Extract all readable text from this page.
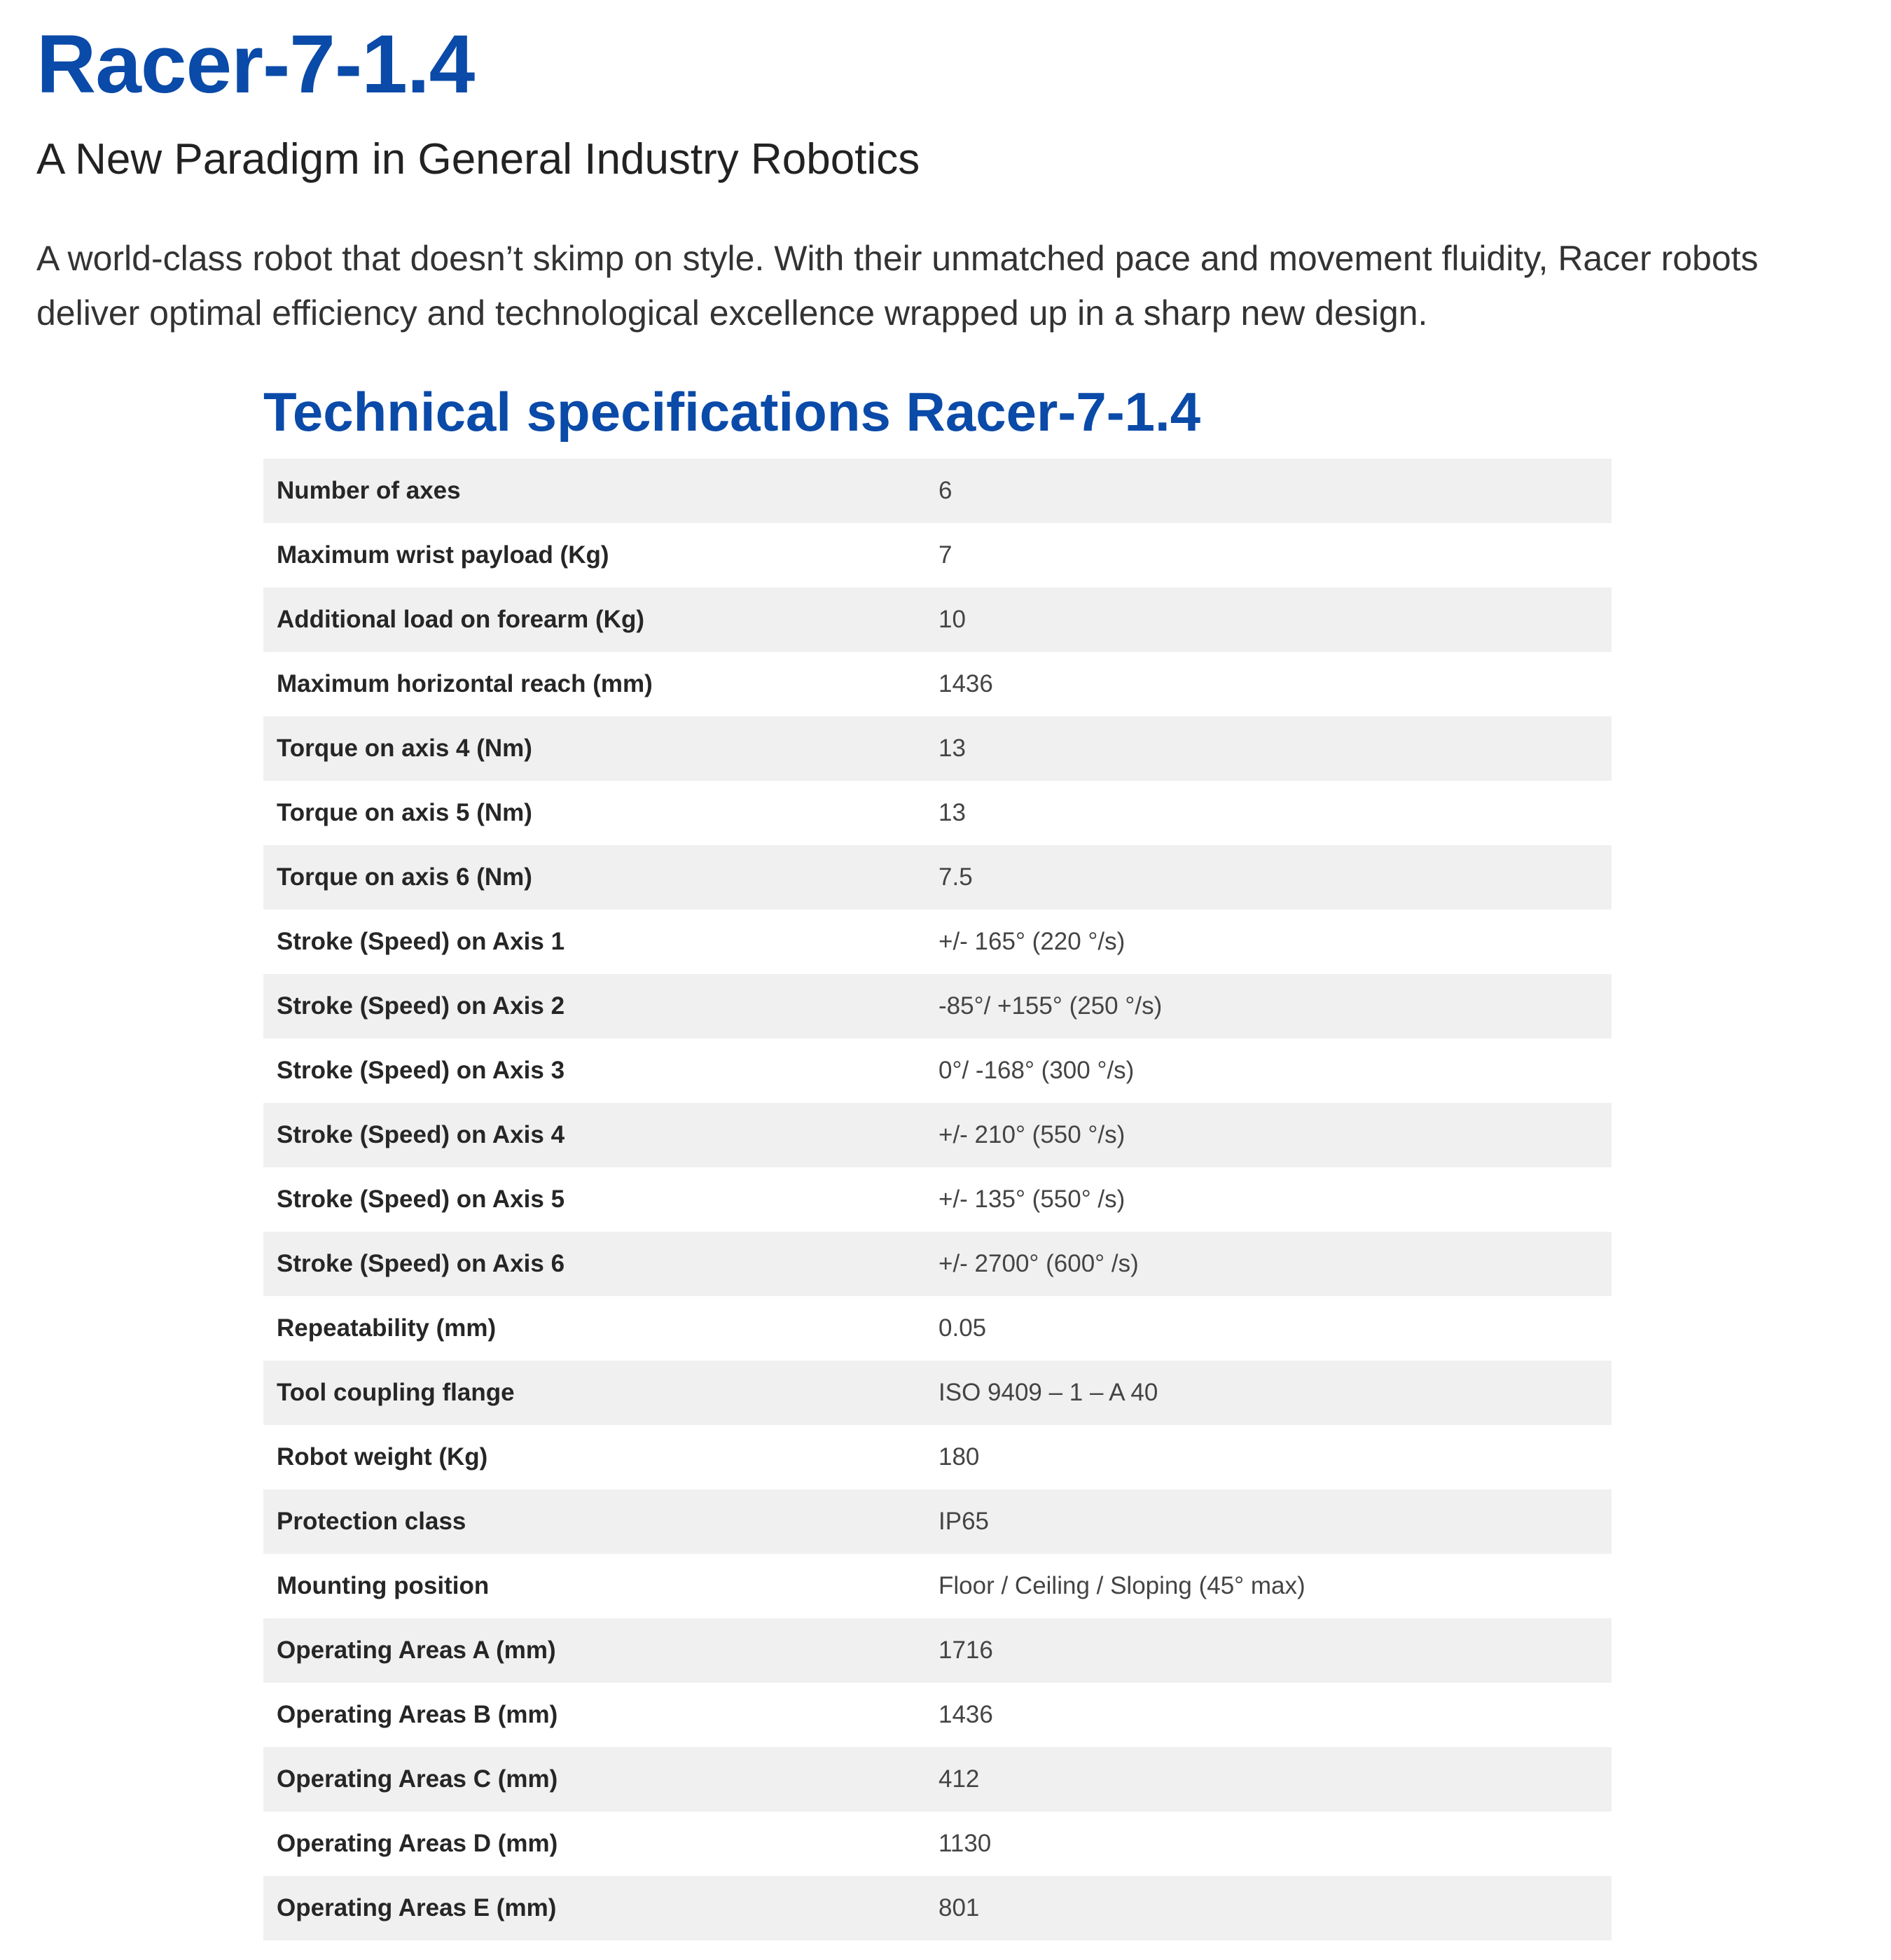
Racer-7-1.4
A New Paradigm in General Industry Robotics

A world-class robot that doesn’t skimp on style. With their unmatched pace and movement fluidity, Racer robots deliver optimal efficiency and technological excellence wrapped up in a sharp new design.

Technical specifications Racer-7-1.4
Number of axes	6
Maximum wrist payload (Kg)	7
Additional load on forearm (Kg)	10
Maximum horizontal reach (mm)	1436
Torque on axis 4 (Nm)	13
Torque on axis 5 (Nm)	13
Torque on axis 6 (Nm)	7.5
Stroke (Speed) on Axis 1	+/- 165° (220 °/s)
Stroke (Speed) on Axis 2	-85°/ +155° (250 °/s)
Stroke (Speed) on Axis 3	0°/ -168° (300 °/s)
Stroke (Speed) on Axis 4	+/- 210° (550 °/s)
Stroke (Speed) on Axis 5	+/- 135° (550° /s)
Stroke (Speed) on Axis 6	+/- 2700° (600° /s)
Repeatability (mm)	0.05
Tool coupling flange	ISO 9409 – 1 – A 40
Robot weight (Kg)	180
Protection class	IP65
Mounting position	Floor / Ceiling / Sloping (45° max)
Operating Areas A (mm)	1716
Operating Areas B (mm)	1436
Operating Areas C (mm)	412
Operating Areas D (mm)	1130
Operating Areas E (mm)	801
